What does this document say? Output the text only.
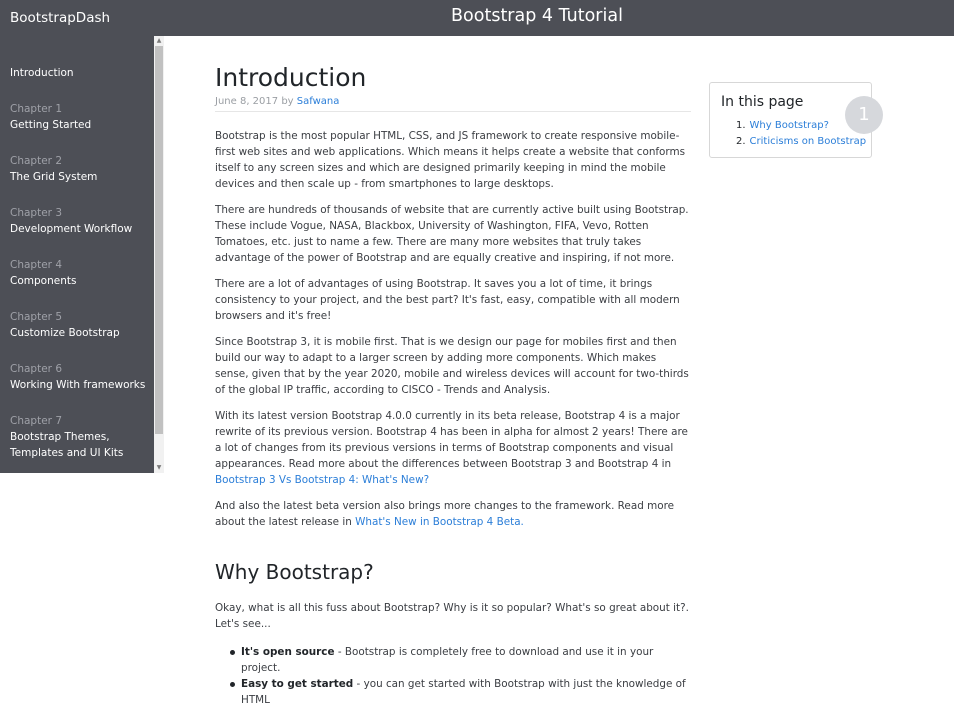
BootstrapDash	Bootstrap 4 Tutorial
Introduction
Chapter 1
Getting Started
Chapter 2
The Grid System
Chapter 3
Development Workflow
Chapter 4
Components
Chapter 5
Customize Bootstrap
Chapter 6
Working With frameworks
Chapter 7
Bootstrap Themes,
Templates and UI Kits
▲
▼
Introduction
June 8, 2017 by Safwana

Bootstrap is the most popular HTML, CSS, and JS framework to create responsive mobile-first web sites and web applications. Which means it helps create a website that conforms itself to any screen sizes and which are designed primarily keeping in mind the mobile devices and then scale up - from smartphones to large desktops.

There are hundreds of thousands of website that are currently active built using Bootstrap. These include Vogue, NASA, Blackbox, University of Washington, FIFA, Vevo, Rotten Tomatoes, etc. just to name a few. There are many more websites that truly takes advantage of the power of Bootstrap and are equally creative and inspiring, if not more.

There are a lot of advantages of using Bootstrap. It saves you a lot of time, it brings consistency to your project, and the best part? It's fast, easy, compatible with all modern browsers and it's free!

Since Bootstrap 3, it is mobile first. That is we design our page for mobiles first and then build our way to adapt to a larger screen by adding more components. Which makes sense, given that by the year 2020, mobile and wireless devices will account for two-thirds of the global IP traffic, according to CISCO - Trends and Analysis.

With its latest version Bootstrap 4.0.0 currently in its beta release, Bootstrap 4 is a major rewrite of its previous version. Bootstrap 4 has been in alpha for almost 2 years! There are a lot of changes from its previous versions in terms of Bootstrap components and visual appearances. Read more about the differences between Bootstrap 3 and Bootstrap 4 in Bootstrap 3 Vs Bootstrap 4: What's New?

And also the latest beta version also brings more changes to the framework. Read more about the latest release in What's New in Bootstrap 4 Beta.

Why Bootstrap?

Okay, what is all this fuss about Bootstrap? Why is it so popular? What's so great about it?. Let's see...

It's open source - Bootstrap is completely free to download and use it in your project.
Easy to get started - you can get started with Bootstrap with just the knowledge of HTML
In this page
1. Why Bootstrap?
2. Criticisms on Bootstrap
1
